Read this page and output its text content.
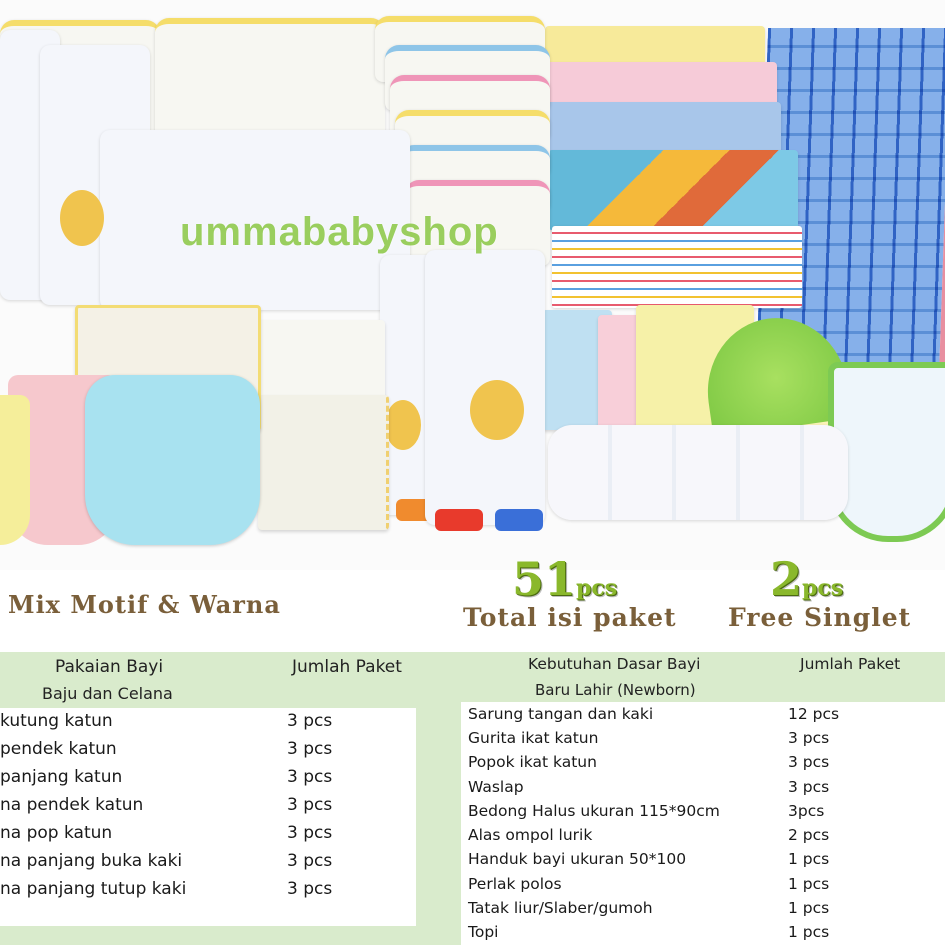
ummababyshop
Mix Motif & Warna	51pcs
Total isi paket
2pcs
Free Singlet
Pakaian Bayi	Jumlah Paket
Baju dan Celana
kutung katun	3 pcs
pendek katun	3 pcs
panjang katun	3 pcs
na pendek katun	3 pcs
na pop katun	3 pcs
na panjang buka kaki	3 pcs
na panjang tutup kaki	3 pcs
Kebutuhan Dasar Bayi	Jumlah Paket
Baru Lahir (Newborn)
Sarung tangan dan kaki	12 pcs
Gurita ikat katun	3 pcs
Popok ikat katun	3 pcs
Waslap	3 pcs
Bedong Halus ukuran 115*90cm	3pcs
Alas ompol lurik	2 pcs
Handuk bayi ukuran 50*100	1 pcs
Perlak polos	1 pcs
Tatak liur/Slaber/gumoh	1 pcs
Topi	1 pcs
